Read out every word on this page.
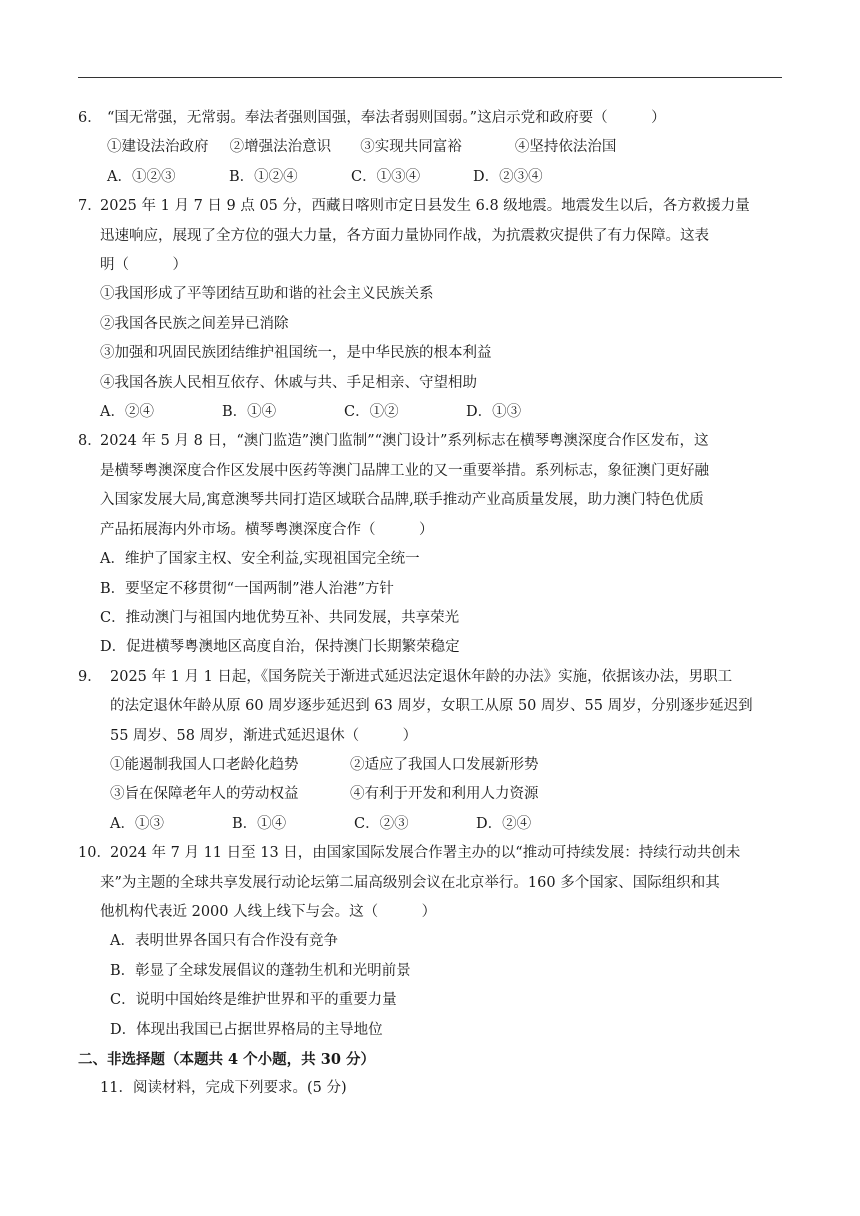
6． “国无常强，无常弱。奉法者强则国强，奉法者弱则国弱。”这启示党和政府要（　　　）
①建设法治政府 ②增强法治意识 ③实现共同富裕	④坚持依法治国
A．①②③	B．①②④	C．①③④	D．②③④
7．
2025 年 1 月 7 日 9 点 05 分，西藏日喀则市定日县发生 6.8 级地震。地震发生以后，各方救援力量
迅速响应，展现了全方位的强大力量，各方面力量协同作战，为抗震救灾提供了有力保障。这表
明（　　　）
①我国形成了平等团结互助和谐的社会主义民族关系
②我国各民族之间差异已消除
③加强和巩固民族团结维护祖国统一，是中华民族的根本利益
④我国各族人民相互依存、休戚与共、手足相亲、守望相助
A．②④	B．①④	C．①②	D．①③
8．
2024 年 5 月 8 日，“澳门监造”澳门监制”“澳门设计”系列标志在横琴粤澳深度合作区发布，这
是横琴粤澳深度合作区发展中医药等澳门品牌工业的又一重要举措。系列标志，象征澳门更好融
入国家发展大局,寓意澳琴共同打造区域联合品牌,联手推动产业高质量发展，助力澳门特色优质
产品拓展海内外市场。横琴粤澳深度合作（　　　）
A．维护了国家主权、安全利益,实现祖国完全统一
B．要坚定不移贯彻“一国两制”港人治港”方针
C．推动澳门与祖国内地优势互补、共同发展，共享荣光
D．促进横琴粤澳地区高度自治，保持澳门长期繁荣稳定
9． 2025 年 1 月 1 日起，《国务院关于渐进式延迟法定退休年龄的办法》实施，依据该办法，男职工
的法定退休年龄从原 60 周岁逐步延迟到 63 周岁，女职工从原 50 周岁、55 周岁，分别逐步延迟到
55 周岁、58 周岁，渐进式延迟退休（　　　）
①能遏制我国人口老龄化趋势	②适应了我国人口发展新形势
③旨在保障老年人的劳动权益	④有利于开发和利用人力资源
A．①③	B．①④	C．②③	D．②④
10． 2024 年 7 月 11 日至 13 日，由国家国际发展合作署主办的以“推动可持续发展：持续行动共创未
来”为主题的全球共享发展行动论坛第二届高级别会议在北京举行。160 多个国家、国际组织和其
他机构代表近 2000 人线上线下与会。这（　　　）
A．表明世界各国只有合作没有竞争
B．彰显了全球发展倡议的蓬勃生机和光明前景
C．说明中国始终是维护世界和平的重要力量
D．体现出我国已占据世界格局的主导地位
二、非选择题（本题共 4 个小题，共 30 分）
11．阅读材料，完成下列要求。(5 分)
